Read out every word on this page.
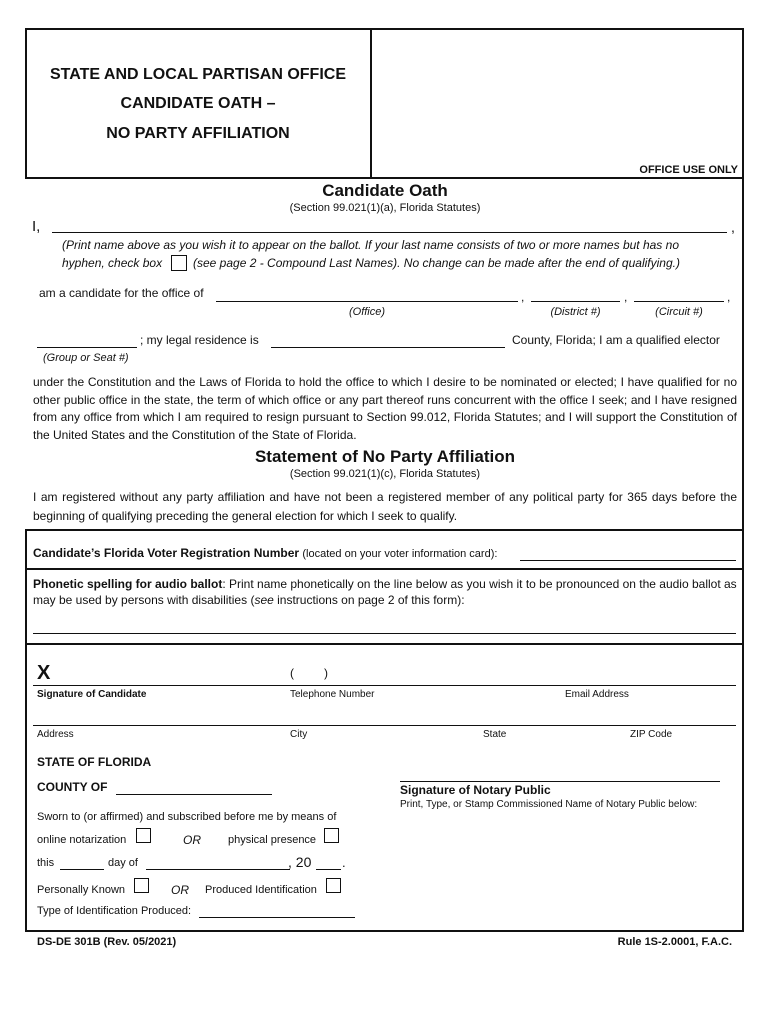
STATE AND LOCAL PARTISAN OFFICE
CANDIDATE OATH –
NO PARTY AFFILIATION
OFFICE USE ONLY
Candidate Oath
(Section 99.021(1)(a), Florida Statutes)
I,	,
(Print name above as you wish it to appear on the ballot. If your last name consists of two or more names but has no
hyphen, check box	(see page 2 - Compound Last Names). No change can be made after the end of qualifying.)
am a candidate for the office of	,	,	,
(Office)	(District #)	(Circuit #)
; my legal residence is	County, Florida; I am a qualified elector
(Group or Seat #)
under the Constitution and the Laws of Florida to hold the office to which I desire to be nominated or elected; I have qualified for no other public office in the state, the term of which office or any part thereof runs concurrent with the office I seek; and I have resigned from any office from which I am required to resign pursuant to Section 99.012, Florida Statutes; and I will support the Constitution of the United States and the Constitution of the State of Florida.
Statement of No Party Affiliation
(Section 99.021(1)(c), Florida Statutes)
I am registered without any party affiliation and have not been a registered member of any political party for 365 days before the beginning of qualifying preceding the general election for which I seek to qualify.
Candidate’s Florida Voter Registration Number (located on your voter information card):
Phonetic spelling for audio ballot: Print name phonetically on the line below as you wish it to be pronounced on the audio ballot as may be used by persons with disabilities (see instructions on page 2 of this form):
X	(	)
Signature of Candidate	Telephone Number	Email Address
Address	City	State	ZIP Code
STATE OF FLORIDA
COUNTY OF
Sworn to (or affirmed) and subscribed before me by means of
online notarization	OR physical presence
this	day of	, 20 .
Personally Known	OR Produced Identification
Type of Identification Produced:
Signature of Notary Public
Print, Type, or Stamp Commissioned Name of Notary Public below:
DS-DE 301B (Rev. 05/2021)	Rule 1S-2.0001, F.A.C.
